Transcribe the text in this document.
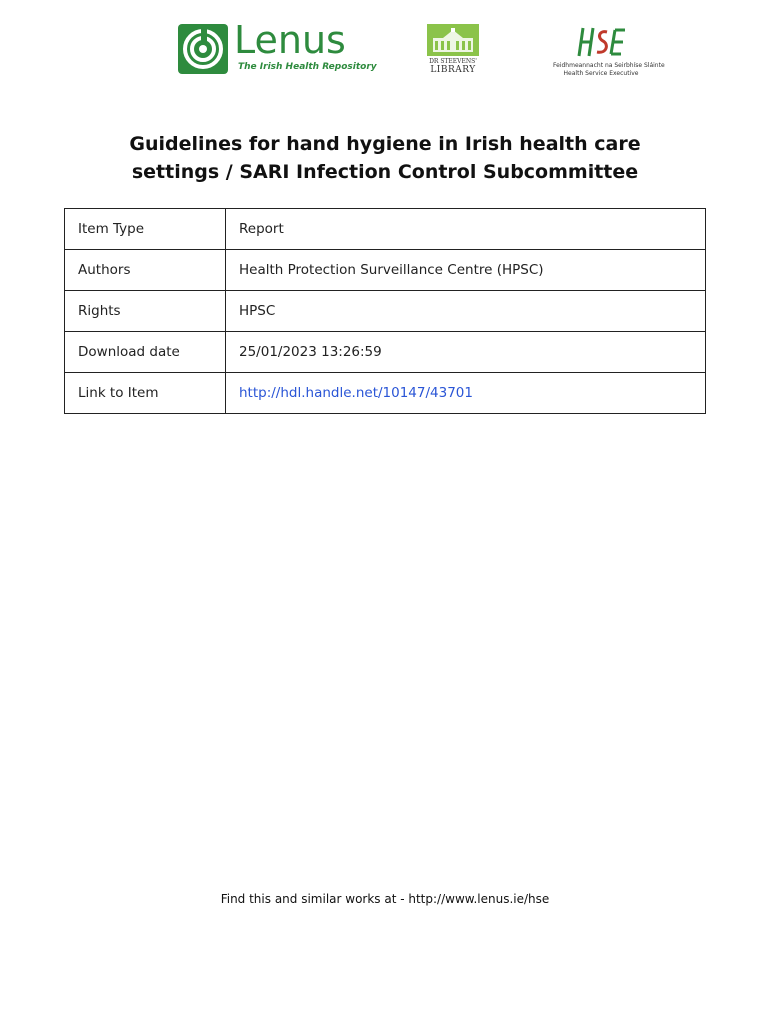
Lenus
The Irish Health Repository
DR STEEVENS'
LIBRARY	Feidhmeannacht na Seirbhíse Sláinte
Health Service Executive
Guidelines for hand hygiene in Irish health care settings / SARI Infection Control Subcommittee
Item Type	Report
Authors	Health Protection Surveillance Centre (HPSC)
Rights	HPSC
Download date	25/01/2023 13:26:59
Link to Item	http://hdl.handle.net/10147/43701
Find this and similar works at - http://www.lenus.ie/hse
